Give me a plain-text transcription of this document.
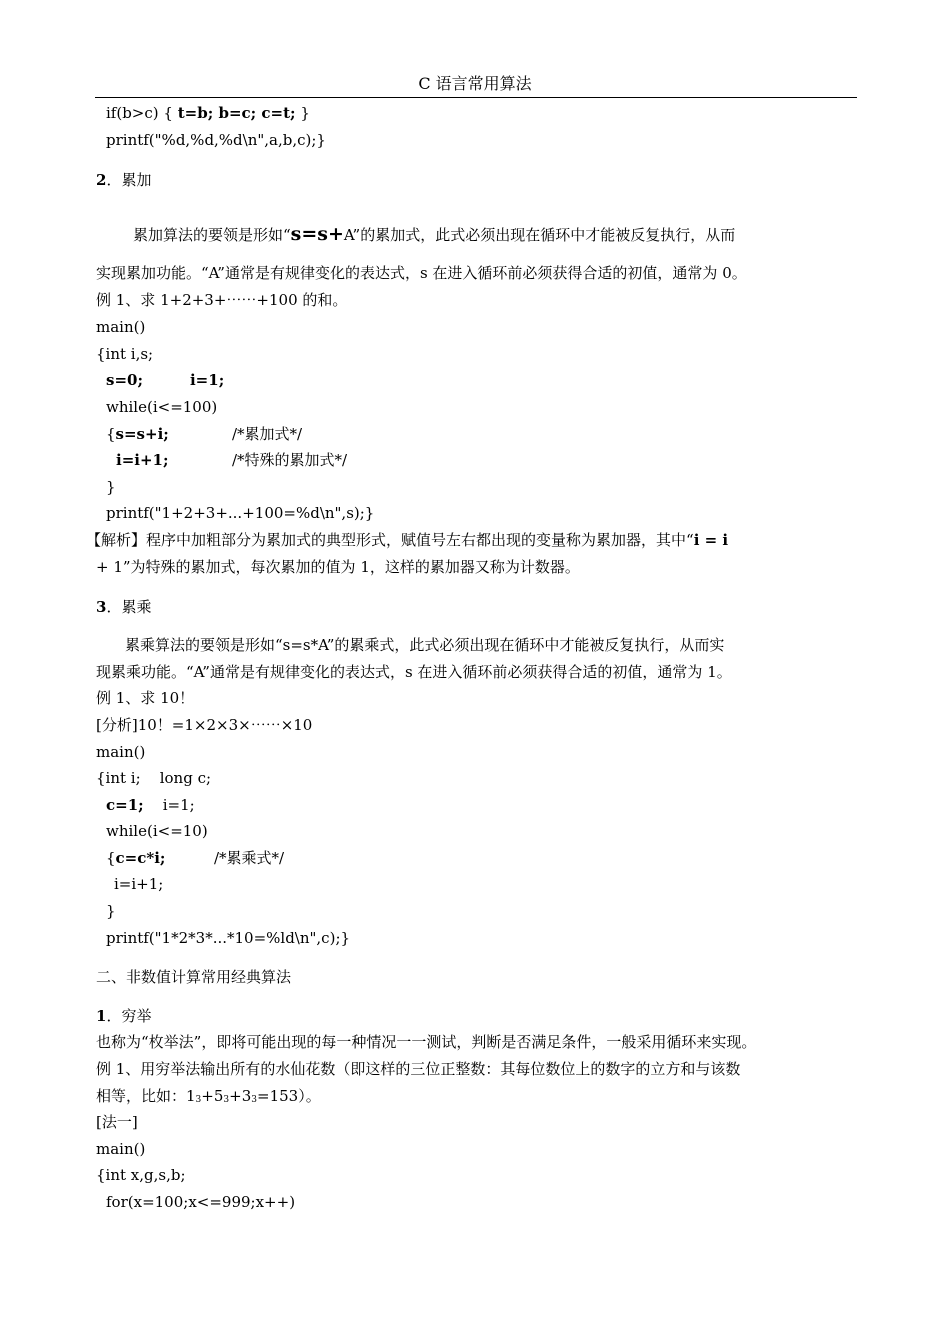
C 语言常用算法
if(b>c) { t=b; b=c; c=t; }
printf("%d,%d,%d\n",a,b,c);}
2．累加
累加算法的要领是形如“s=s+A”的累加式，此式必须出现在循环中才能被反复执行，从而
实现累加功能。“A”通常是有规律变化的表达式，s 在进入循环前必须获得合适的初值，通常为 0。
例 1、求 1+2+3+⋯⋯+100 的和。
main()
{int i,s;
s=0;         i=1;
while(i<=100)
{s=s+i;	/*累加式*/
i=i+1;	/*特殊的累加式*/
}
printf("1+2+3+...+100=%d\n",s);}
【解析】程序中加粗部分为累加式的典型形式，赋值号左右都出现的变量称为累加器，其中“i = i
+ 1”为特殊的累加式，每次累加的值为 1，这样的累加器又称为计数器。
3．累乘
累乘算法的要领是形如“s=s*A”的累乘式，此式必须出现在循环中才能被反复执行，从而实
现累乘功能。“A”通常是有规律变化的表达式，s 在进入循环前必须获得合适的初值，通常为 1。
例 1、求 10！
[分析]10！=1×2×3×⋯⋯×10
main()
{int i;    long c;
c=1;    i=1;
while(i<=10)
{c=c*i;	/*累乘式*/
i=i+1;
}
printf("1*2*3*...*10=%ld\n",c);}
二、非数值计算常用经典算法
1．穷举
也称为“枚举法”，即将可能出现的每一种情况一一测试，判断是否满足条件，一般采用循环来实现。
例 1、用穷举法输出所有的水仙花数（即这样的三位正整数：其每位数位上的数字的立方和与该数
相等，比如：13+53+33=153）。
[法一]
main()
{int x,g,s,b;
for(x=100;x<=999;x++)
